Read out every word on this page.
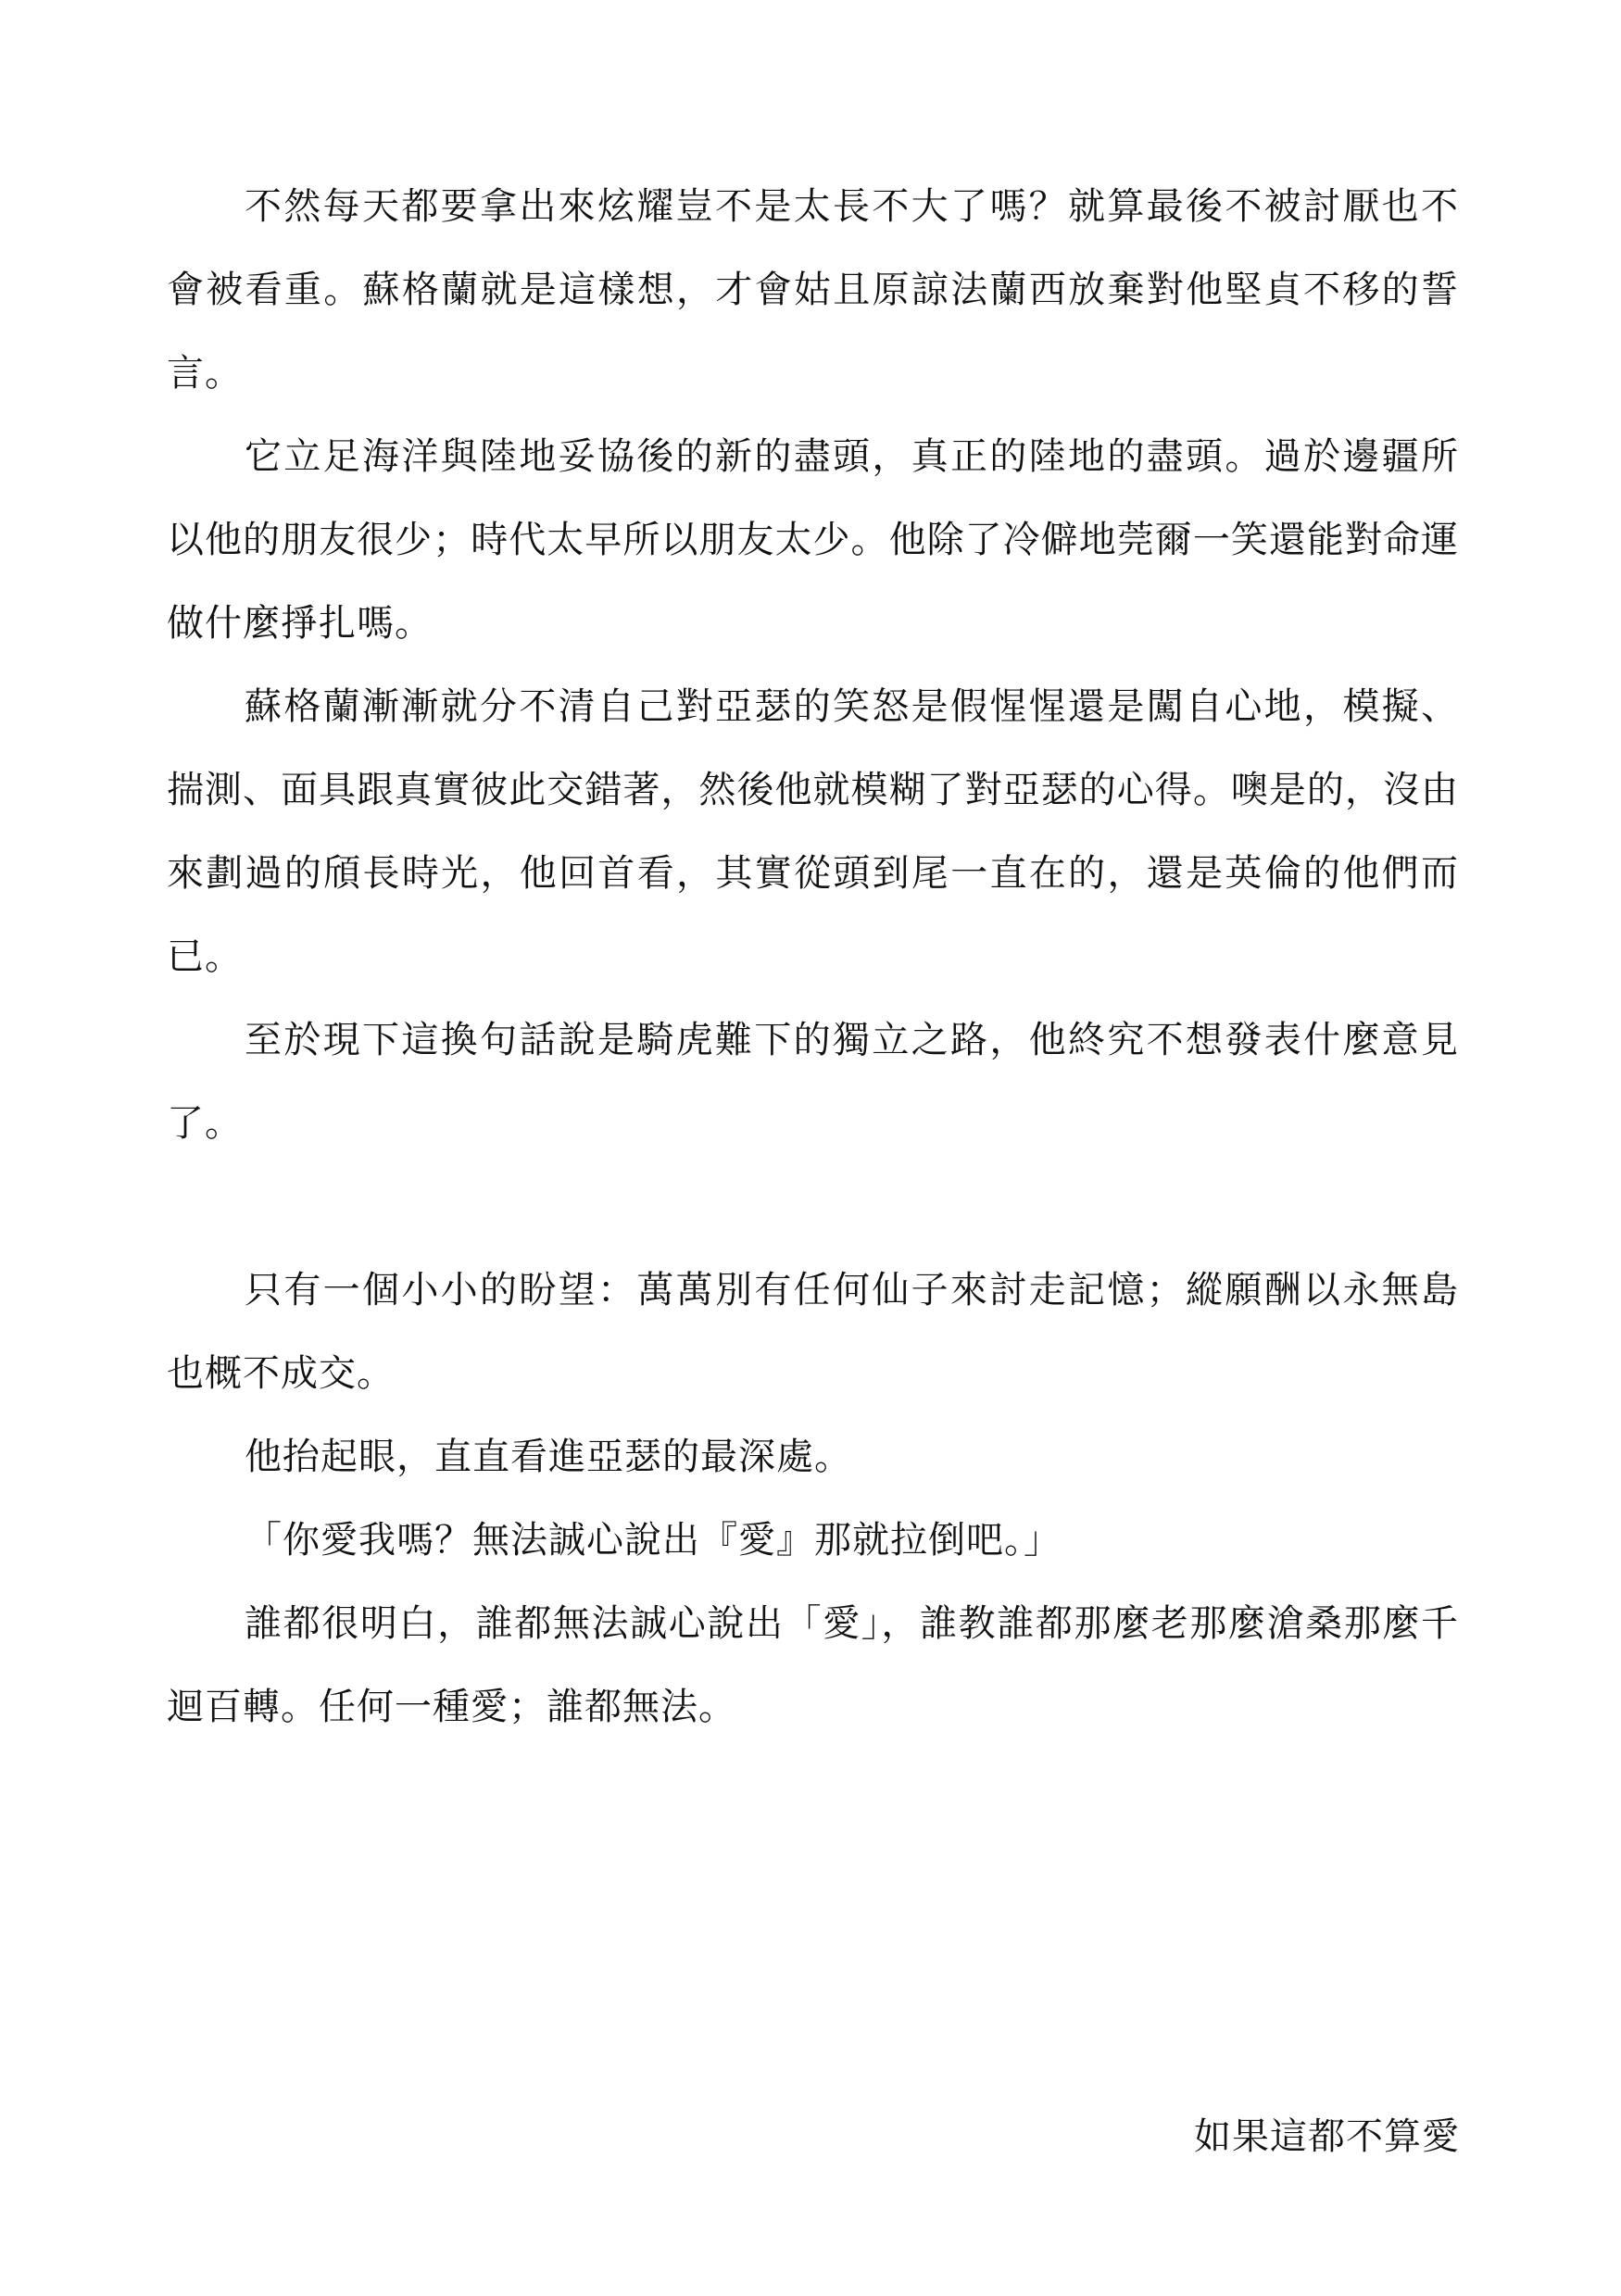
不然每天都要拿出來炫耀豈不是太長不大了嗎？就算最後不被討厭也不會被看重。蘇格蘭就是這樣想，才會姑且原諒法蘭西放棄對他堅貞不移的誓言。

它立足海洋與陸地妥協後的新的盡頭，真正的陸地的盡頭。過於邊疆所以他的朋友很少；時代太早所以朋友太少。他除了冷僻地莞爾一笑還能對命運做什麼掙扎嗎。

蘇格蘭漸漸就分不清自己對亞瑟的笑怒是假惺惺還是闖自心地，模擬、揣測、面具跟真實彼此交錯著，然後他就模糊了對亞瑟的心得。噢是的，沒由來劃過的頎長時光，他回首看，其實從頭到尾一直在的，還是英倫的他們而已。

至於現下這換句話說是騎虎難下的獨立之路，他終究不想發表什麼意見了。

只有一個小小的盼望：萬萬別有任何仙子來討走記憶；縱願酬以永無島也概不成交。

他抬起眼，直直看進亞瑟的最深處。

「你愛我嗎？無法誠心說出『愛』那就拉倒吧。」

誰都很明白，誰都無法誠心說出「愛」，誰教誰都那麼老那麼滄桑那麼千迴百轉。任何一種愛；誰都無法。

如果這都不算愛
